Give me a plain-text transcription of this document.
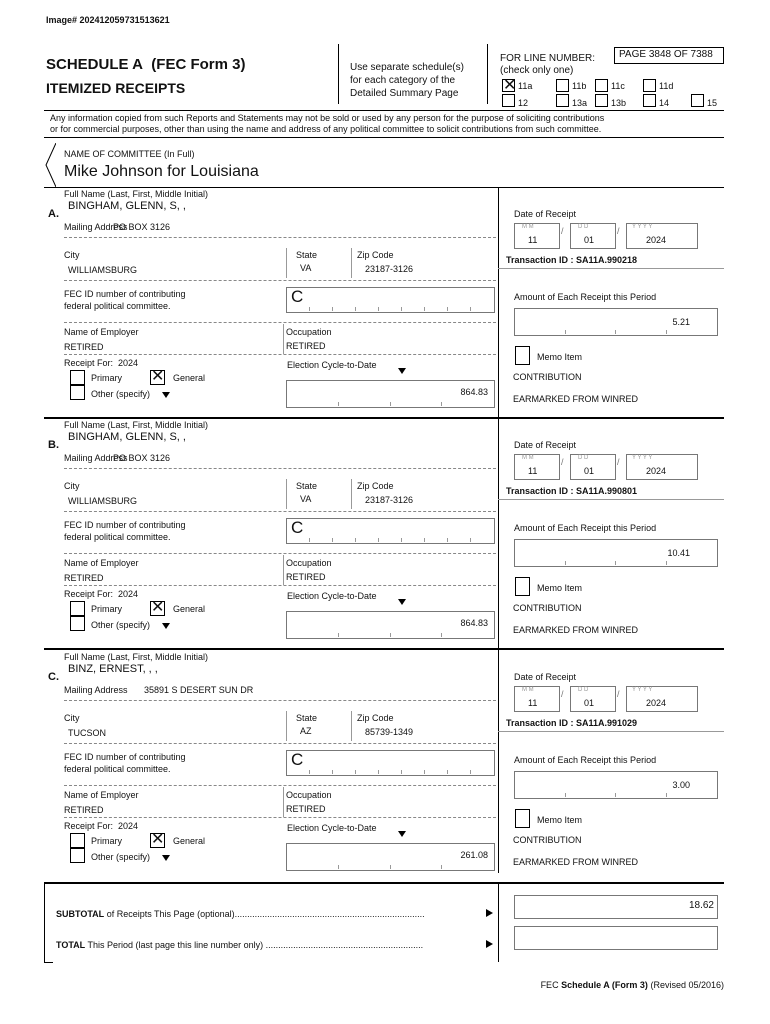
Image# 202412059731513621
SCHEDULE A (FEC Form 3)
ITEMIZED RECEIPTS
Use separate schedule(s)
for each category of the
Detailed Summary Page
FOR LINE NUMBER:
(check only one)
PAGE 3848 OF 7388
✕ 11a	11b	11c	11d
12	13a	13b	14	15
Any information copied from such Reports and Statements may not be sold or used by any person for the purpose of soliciting contributions
or for commercial purposes, other than using the name and address of any political committee to solicit contributions from such committee.
NAME OF COMMITTEE (In Full)
Mike Johnson for Louisiana
Full Name (Last, First, Middle Initial)
A.
BINGHAM, GLENN, S, ,
Mailing Address
PO BOX 3126
City
WILLIAMSBURG
State
VA
Zip Code
23187-3126
FEC ID number of contributing
federal political committee.	C
Name of Employer
RETIRED
Occupation
RETIRED
Receipt For: 2024
Primary ✕ General
Other (specify)
Election Cycle-to-Date
864.83
Date of Receipt
M M
11
/ D D
01
/ Y Y Y Y
2024
Transaction ID : SA11A.990218
Amount of Each Receipt this Period
5.21
Memo Item
CONTRIBUTION
EARMARKED FROM WINRED
Full Name (Last, First, Middle Initial)
B.
BINGHAM, GLENN, S, ,
Mailing Address
PO BOX 3126
City
WILLIAMSBURG
State
VA
Zip Code
23187-3126
FEC ID number of contributing
federal political committee.	C
Name of Employer
RETIRED
Occupation
RETIRED
Receipt For: 2024
Primary ✕ General
Other (specify)
Election Cycle-to-Date
864.83
Date of Receipt
M M
11
/ D D
01
/ Y Y Y Y
2024
Transaction ID : SA11A.990801
Amount of Each Receipt this Period
10.41
Memo Item
CONTRIBUTION
EARMARKED FROM WINRED
Full Name (Last, First, Middle Initial)
C.
BINZ, ERNEST, , ,
Mailing Address 35891 S DESERT SUN DR
City
TUCSON
State
AZ
Zip Code
85739-1349
FEC ID number of contributing
federal political committee.	C
Name of Employer
RETIRED
Occupation
RETIRED
Receipt For: 2024
Primary ✕ General
Other (specify)
Election Cycle-to-Date
261.08
Date of Receipt
M M
11
/ D D
01
/ Y Y Y Y
2024
Transaction ID : SA11A.991029
Amount of Each Receipt this Period
3.00
Memo Item
CONTRIBUTION
EARMARKED FROM WINRED
SUBTOTAL of Receipts This Page (optional)............................................................................
18.62
TOTAL This Period (last page this line number only) ...............................................................
FEC Schedule A (Form 3) (Revised 05/2016)
